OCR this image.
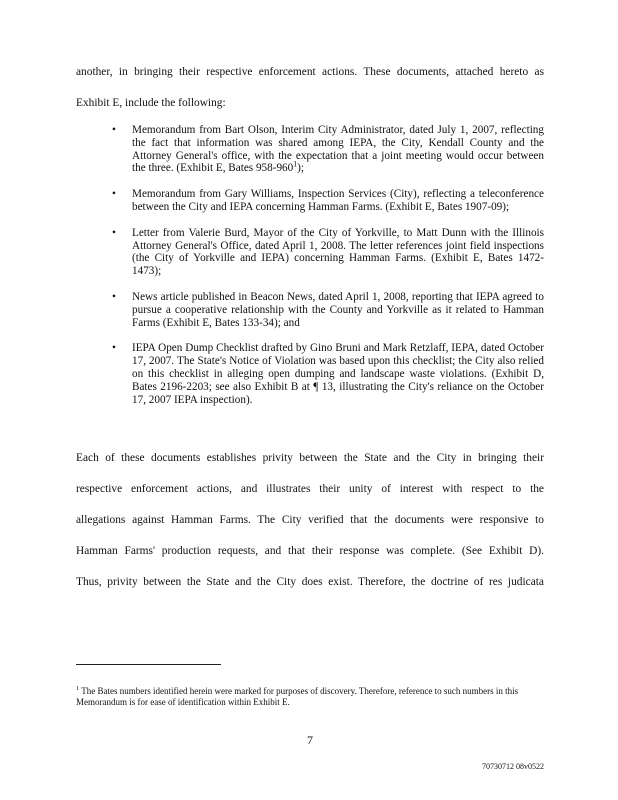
another, in bringing their respective enforcement actions. These documents, attached hereto as
Exhibit E, include the following:
• Memorandum from Bart Olson, Interim City Administrator, dated July 1, 2007, reflecting the fact that information was shared among IEPA, the City, Kendall County and the Attorney General's office, with the expectation that a joint meeting would occur between the three. (Exhibit E, Bates $958-960^1$);
• Memorandum from Gary Williams, Inspection Services (City), reflecting a teleconference between the City and IEPA concerning Hamman Farms. (Exhibit E, Bates 1907-09);
• Letter from Valerie Burd, Mayor of the City of Yorkville, to Matt Dunn with the Illinois Attorney General's Office, dated April 1, 2008. The letter references joint field inspections (the City of Yorkville and IEPA) concerning Hamman Farms. (Exhibit E, Bates 1472-1473);
• News article published in Beacon News, dated April 1, 2008, reporting that IEPA agreed to pursue a cooperative relationship with the County and Yorkville as it related to Hamman Farms (Exhibit E, Bates 133-34); and
• IEPA Open Dump Checklist drafted by Gino Bruni and Mark Retzlaff, IEPA, dated October 17, 2007. The State's Notice of Violation was based upon this checklist; the City also relied on this checklist in alleging open dumping and landscape waste violations. (Exhibit D, Bates 2196-2203; see also Exhibit B at ¶ 13, illustrating the City's reliance on the October 17, 2007 IEPA inspection).
Each of these documents establishes privity between the State and the City in bringing their
respective enforcement actions, and illustrates their unity of interest with respect to the
allegations against Hamman Farms. The City verified that the documents were responsive to
Hamman Farms' production requests, and that their response was complete. (See Exhibit D).
Thus, privity between the State and the City does exist. Therefore, the doctrine of res judicata
$^1$ The Bates numbers identified herein were marked for purposes of discovery. Therefore, reference to such numbers in this Memorandum is for ease of identification within Exhibit E.
7
70730712 08v0522
